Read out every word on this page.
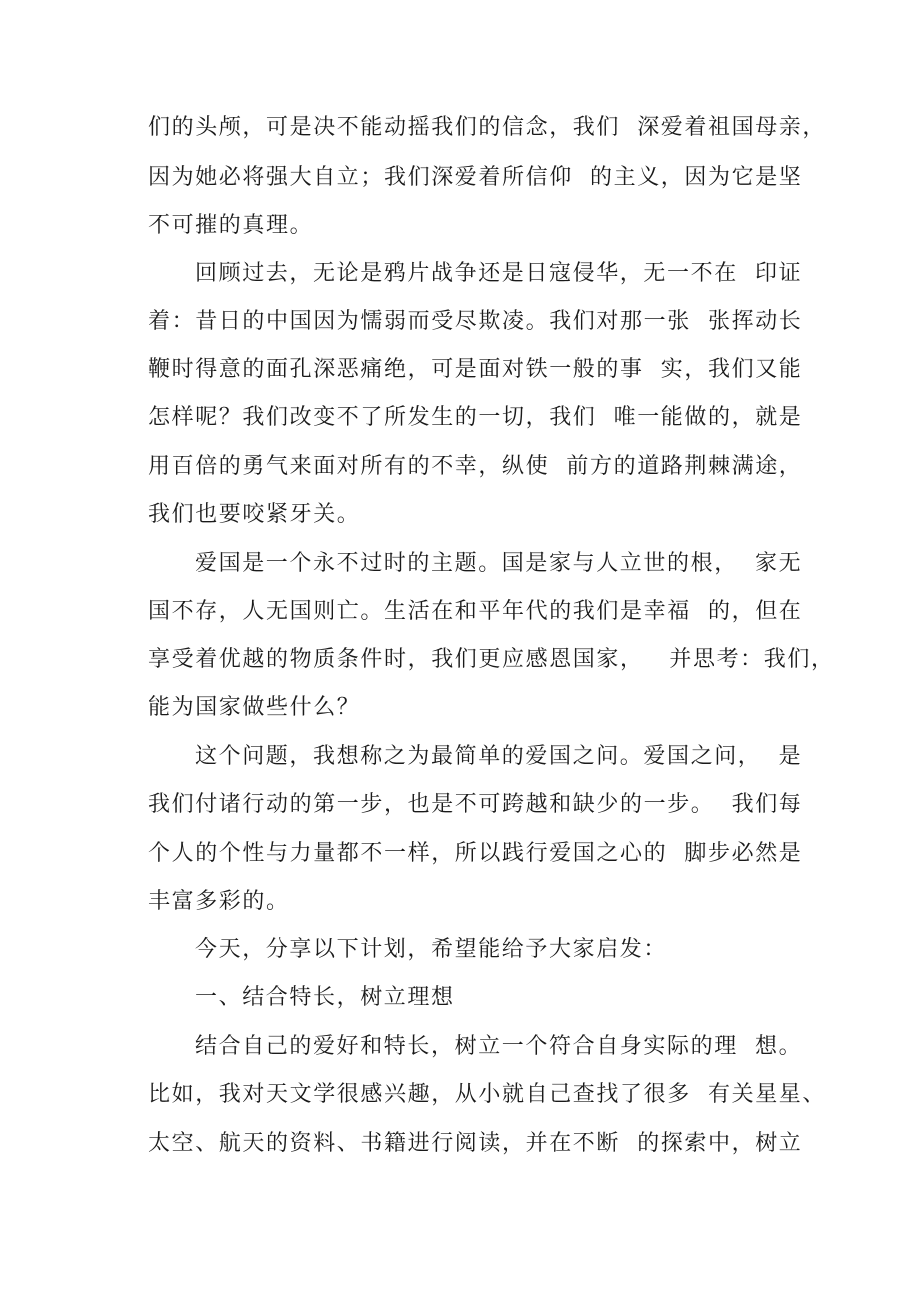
们的头颅，可是决不能动摇我们的信念，我们  深爱着祖国母亲，
因为她必将强大自立；我们深爱着所信仰  的主义，因为它是坚
不可摧的真理。
回顾过去，无论是鸦片战争还是日寇侵华，无一不在  印证
着：昔日的中国因为懦弱而受尽欺凌。我们对那一张  张挥动长
鞭时得意的面孔深恶痛绝，可是面对铁一般的事  实，我们又能
怎样呢？我们改变不了所发生的一切，我们  唯一能做的，就是
用百倍的勇气来面对所有的不幸，纵使  前方的道路荆棘满途，
我们也要咬紧牙关。
爱国是一个永不过时的主题。国是家与人立世的根，  家无
国不存，人无国则亡。生活在和平年代的我们是幸福  的，但在
享受着优越的物质条件时，我们更应感恩国家，   并思考：我们，
能为国家做些什么？
这个问题，我想称之为最简单的爱国之问。爱国之问，  是
我们付诸行动的第一步，也是不可跨越和缺少的一步。  我们每
个人的个性与力量都不一样，所以践行爱国之心的  脚步必然是
丰富多彩的。
今天，分享以下计划，希望能给予大家启发：
一、结合特长，树立理想
结合自己的爱好和特长，树立一个符合自身实际的理  想。
比如，我对天文学很感兴趣，从小就自己查找了很多  有关星星、
太空、航天的资料、书籍进行阅读，并在不断  的探索中，树立
